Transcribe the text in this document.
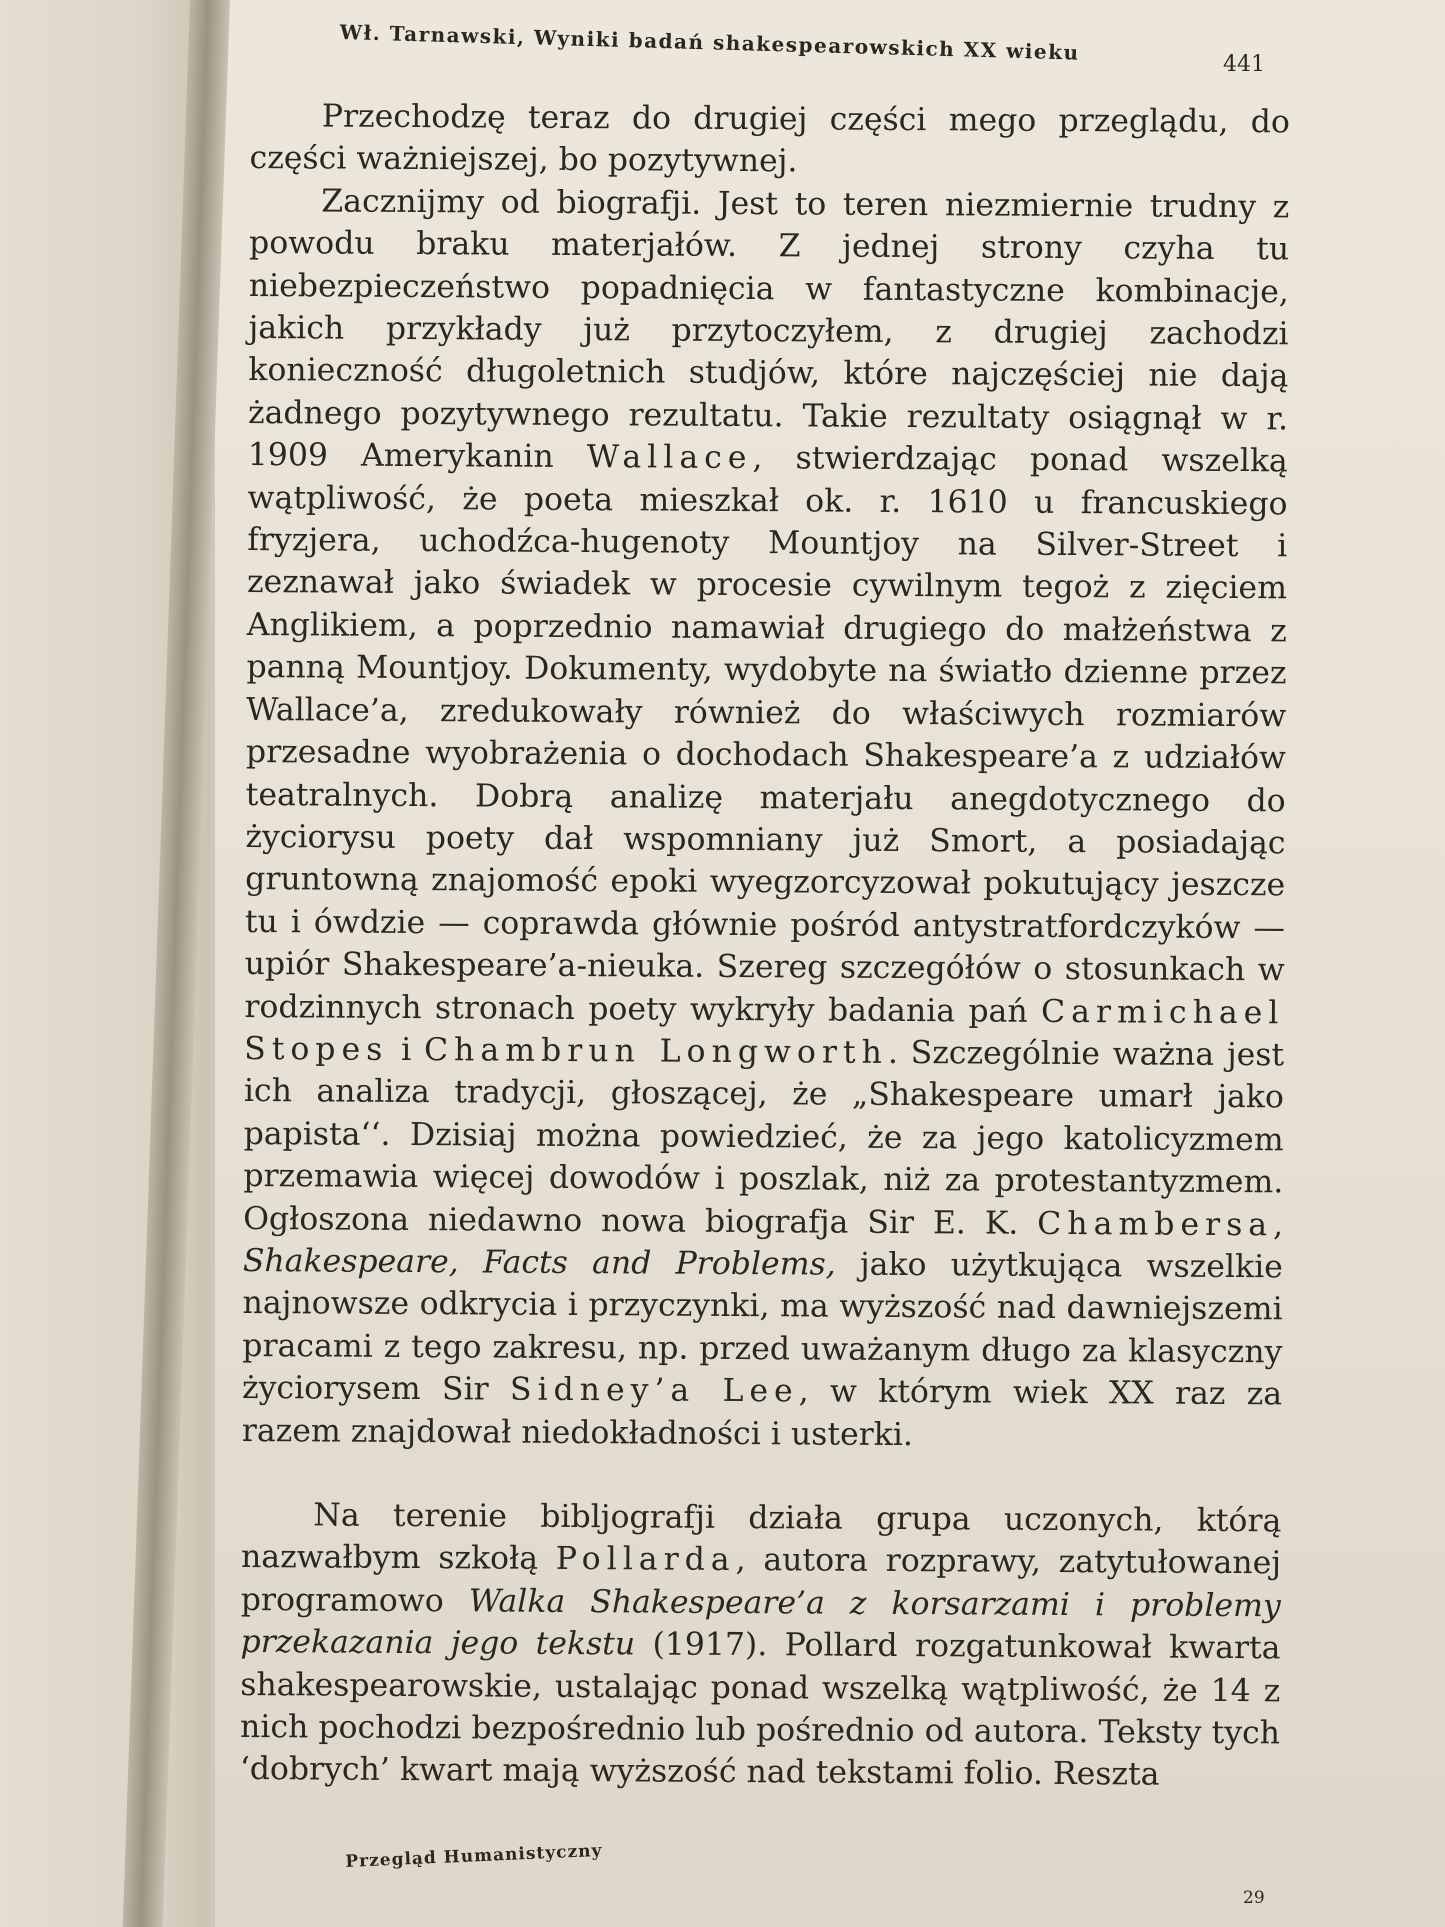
Wł. Tarnawski, Wyniki badań shakespearowskich XX wieku	441

Przechodzę teraz do drugiej części mego przeglądu, do części ważniejszej, bo pozytywnej.

Zacznijmy od biografji. Jest to teren niezmiernie trudny z powodu braku materjałów. Z jednej strony czyha tu niebezpieczeństwo popadnięcia w fantastyczne kombinacje, jakich przykłady już przytoczyłem, z drugiej zachodzi konieczność długoletnich studjów, które najczęściej nie dają żadnego pozytywnego rezultatu. Takie rezultaty osiągnął w r. 1909 Amerykanin Wallace, stwierdzając ponad wszelką wątpliwość, że poeta mieszkał ok. r. 1610 u francuskiego fryzjera, uchodźca-hugenoty Mountjoy na Silver-Street i zeznawał jako świadek w procesie cywilnym tegoż z zięciem Anglikiem, a poprzednio namawiał drugiego do małżeństwa z panną Mountjoy. Dokumenty, wydobyte na światło dzienne przez Wallace’a, zredukowały również do właściwych rozmiarów przesadne wyobrażenia o dochodach Shakespeare’a z udziałów teatralnych. Dobrą analizę materjału anegdotycznego do życiorysu poety dał wspomniany już Smort, a posiadając gruntowną znajomość epoki wyegzorcyzował pokutujący jeszcze tu i ówdzie — coprawda głównie pośród antystratfordczyków — upiór Shakespeare’a-nieuka. Szereg szczegółów o stosunkach w rodzinnych stronach poety wykryły badania pań Carmichael Stopes i Chambrun Longworth. Szczególnie ważna jest ich analiza tradycji, głoszącej, że „Shakespeare umarł jako papista‘‘. Dzisiaj można powiedzieć, że za jego katolicyzmem przemawia więcej dowodów i poszlak, niż za protestantyzmem. Ogłoszona niedawno nowa biografja Sir E. K. Chambersa, Shakespeare, Facts and Problems, jako użytkująca wszelkie najnowsze odkrycia i przyczynki, ma wyższość nad dawniejszemi pracami z tego zakresu, np. przed uważanym długo za klasyczny życiorysem Sir Sidney’a Lee, w którym wiek XX raz za razem znajdował niedokładności i usterki.

Na terenie bibljografji działa grupa uczonych, którą nazwałbym szkołą Pollarda, autora rozprawy, zatytułowanej programowo Walka Shakespeare’a z korsarzami i problemy przekazania jego tekstu (1917). Pollard rozgatunkował kwarta shakespearowskie, ustalając ponad wszelką wątpliwość, że 14 z nich pochodzi bezpośrednio lub pośrednio od autora. Teksty tych ‘dobrych’ kwart mają wyższość nad tekstami folio. Reszta

Przegląd Humanistyczny
29
